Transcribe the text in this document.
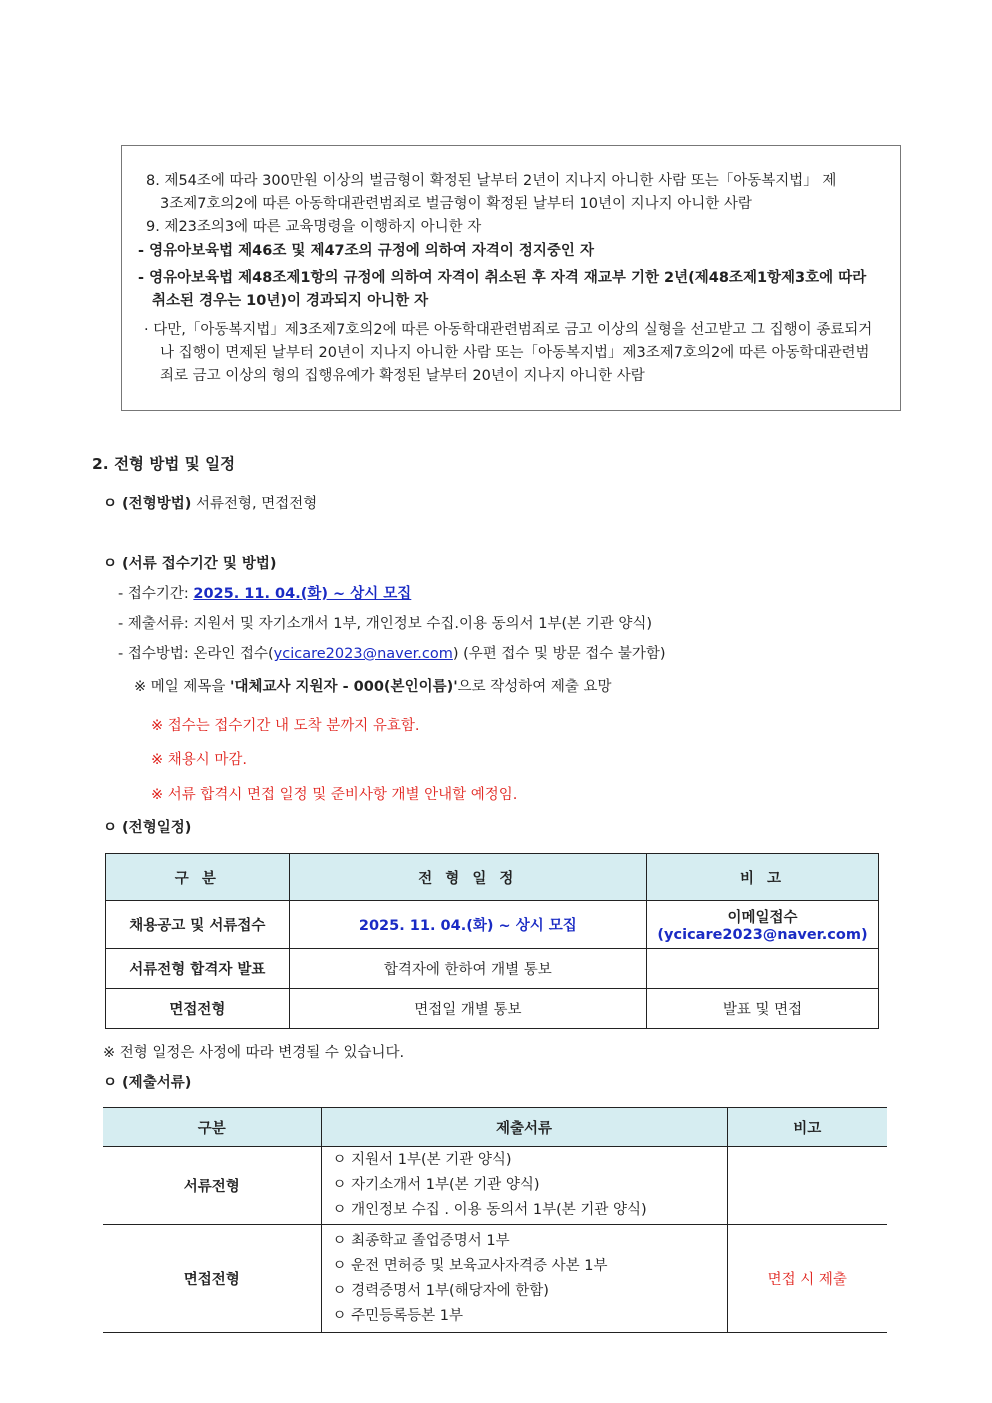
8. 제54조에 따라 300만원 이상의 벌금형이 확정된 날부터 2년이 지나지 아니한 사람 또는「아동복지법」 제
3조제7호의2에 따른 아동학대관련범죄로 벌금형이 확정된 날부터 10년이 지나지 아니한 사람
9. 제23조의3에 따른 교육명령을 이행하지 아니한 자
- 영유아보육법 제46조 및 제47조의 규정에 의하여 자격이 정지중인 자
- 영유아보육법 제48조제1항의 규정에 의하여 자격이 취소된 후 자격 재교부 기한 2년(제48조제1항제3호에 따라
취소된 경우는 10년)이 경과되지 아니한 자
· 다만,「아동복지법」제3조제7호의2에 따른 아동학대관련범죄로 금고 이상의 실형을 선고받고 그 집행이 종료되거
나 집행이 면제된 날부터 20년이 지나지 아니한 사람 또는「아동복지법」제3조제7호의2에 따른 아동학대관련범
죄로 금고 이상의 형의 집행유예가 확정된 날부터 20년이 지나지 아니한 사람
2. 전형 방법 및 일정
ㅇ (전형방법) 서류전형, 면접전형
ㅇ (서류 접수기간 및 방법)
- 접수기간: 2025. 11. 04.(화) ~ 상시 모집
- 제출서류: 지원서 및 자기소개서 1부, 개인정보 수집.이용 동의서 1부(본 기관 양식)
- 접수방법: 온라인 접수(ycicare2023@naver.com) (우편 접수 및 방문 접수 불가함)
※ 메일 제목을 '대체교사 지원자 - 000(본인이름)'으로 작성하여 제출 요망
※ 접수는 접수기간 내 도착 분까지 유효함.
※ 채용시 마감.
※ 서류 합격시 면접 일정 및 준비사항 개별 안내할 예정임.
ㅇ (전형일정)
구 분	전 형 일 정	비 고
채용공고 및 서류접수	2025. 11. 04.(화) ~ 상시 모집	이메일접수
(ycicare2023@naver.com)

서류전형 합격자 발표	합격자에 한하여 개별 통보	
면접전형	면접일 개별 통보	발표 및 면접
※ 전형 일정은 사정에 따라 변경될 수 있습니다.
ㅇ (제출서류)
구분	제출서류	비고
서류전형	ㅇ 지원서 1부(본 기관 양식)
ㅇ 자기소개서 1부(본 기관 양식)
ㅇ 개인정보 수집 . 이용 동의서 1부(본 기관 양식)	

면접전형	ㅇ 최종학교 졸업증명서 1부
ㅇ 운전 면허증 및 보육교사자격증 사본 1부
ㅇ 경력증명서 1부(해당자에 한함)
ㅇ 주민등록등본 1부	면접 시 제출
